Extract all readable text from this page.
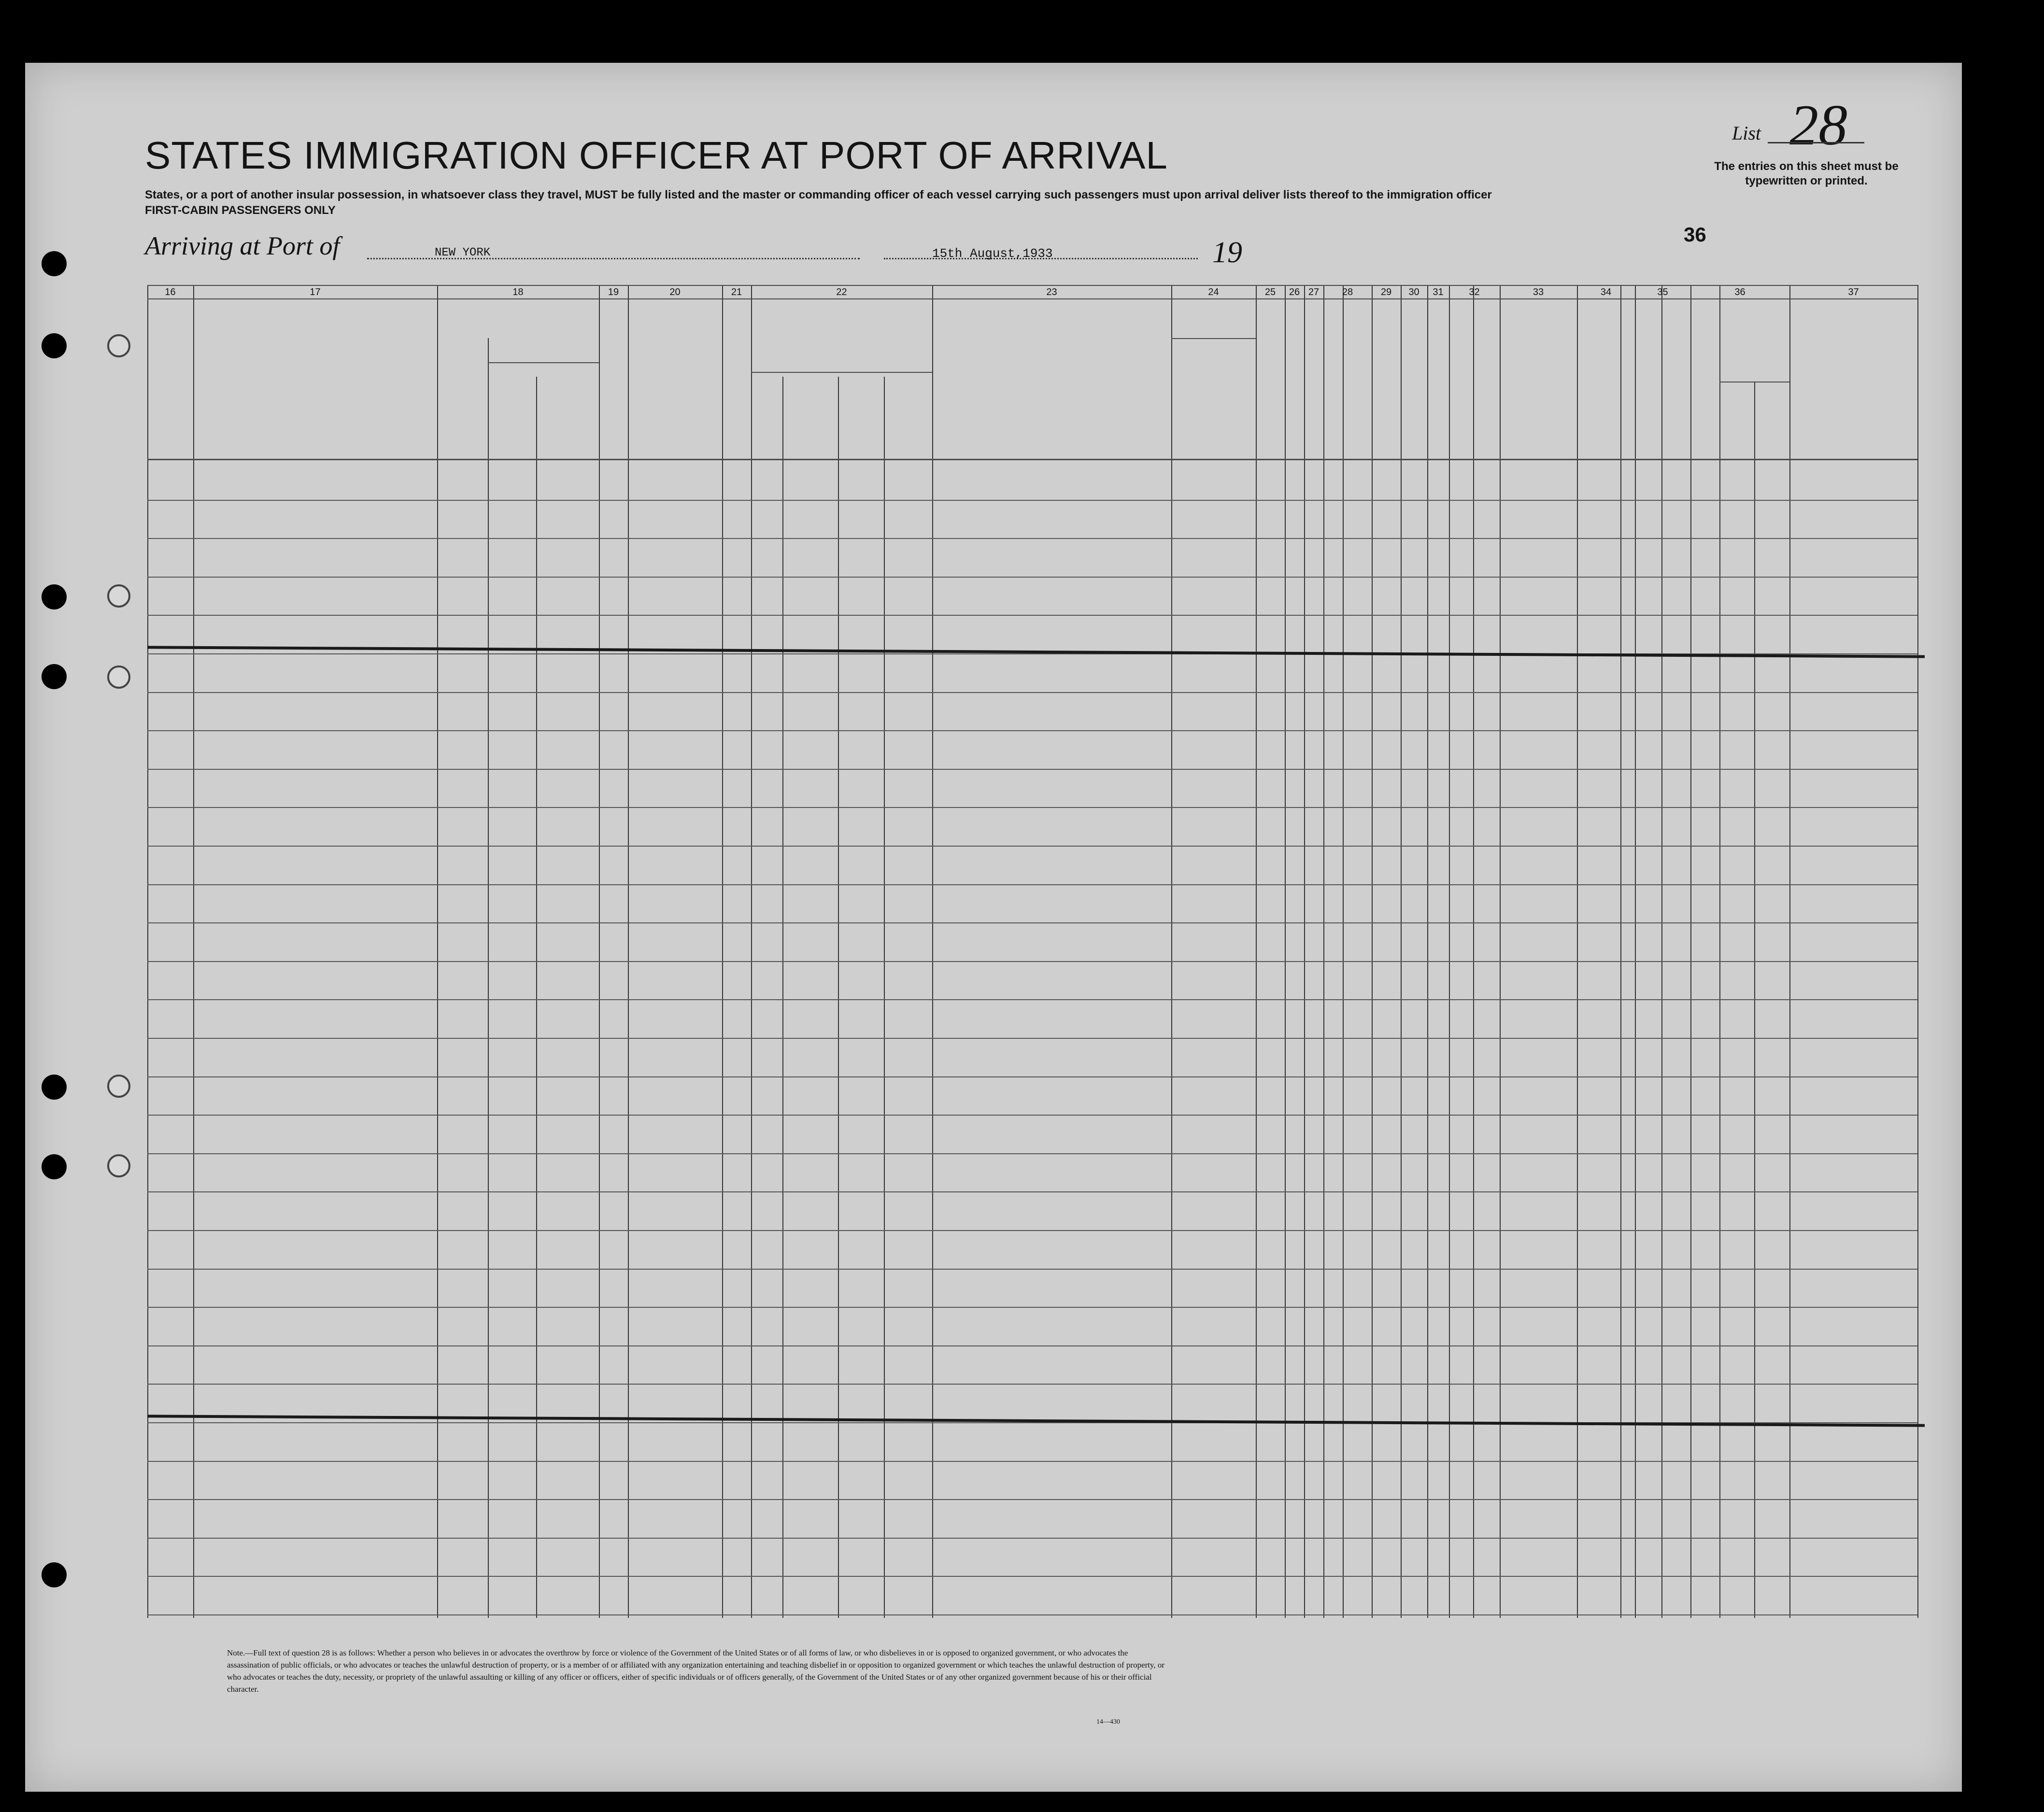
STATES IMMIGRATION OFFICER AT PORT OF ARRIVAL
States, or a port of another insular possession, in whatsoever class they travel, MUST be fully listed and the master or commanding officer of each vessel carrying such passengers must upon arrival deliver lists thereof to the immigration officer
FIRST-CABIN PASSENGERS ONLY
List 28
The entries on this sheet must be typewritten or printed.
Arriving at Port of	NEW YORK	15th August,1933	19
36
16	17	18	19	20	21	22	23	24	25	26 27	28	29	30	31	32	33	34	35	36	37
Note.—Full text of question 28 is as follows: Whether a person who believes in or advocates the overthrow by force or violence of the Government of the United States or of all forms of law, or who disbelieves in or is opposed to organized government, or who advocates the assassination of public officials, or who advocates or teaches the unlawful destruction of property, or is a member of or affiliated with any organization entertaining and teaching disbelief in or opposition to organized government or which teaches the unlawful destruction of property, or who advocates or teaches the duty, necessity, or propriety of the unlawful assaulting or killing of any officer or officers, either of specific individuals or of officers generally, of the Government of the United States or of any other organized government because of his or their official character.
14—430
